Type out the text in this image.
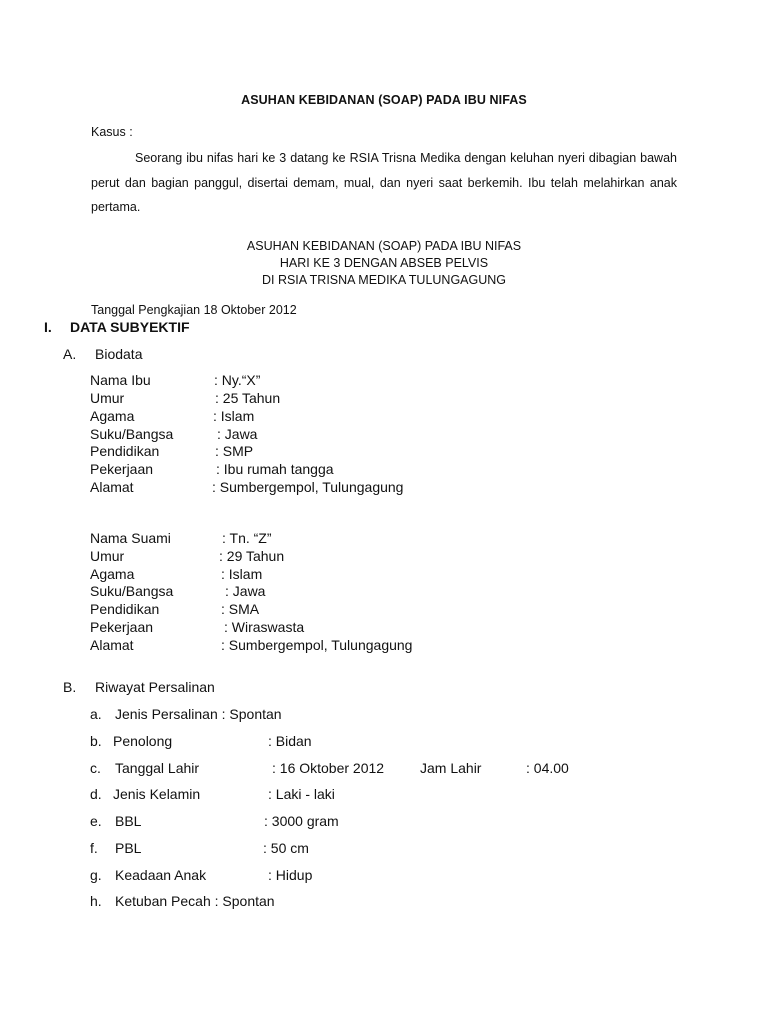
ASUHAN KEBIDANAN (SOAP) PADA IBU NIFAS
Kasus :
Seorang ibu nifas hari ke 3 datang ke RSIA Trisna Medika dengan keluhan nyeri dibagian bawah perut dan bagian panggul, disertai demam, mual, dan nyeri saat berkemih. Ibu telah melahirkan anak pertama.
ASUHAN KEBIDANAN (SOAP) PADA IBU NIFAS
HARI KE 3 DENGAN ABSEB PELVIS
DI RSIA TRISNA MEDIKA TULUNGAGUNG
Tanggal Pengkajian 18 Oktober 2012
I. DATA SUBYEKTIF
A. Biodata
Nama Ibu	: Ny.“X”
Umur	: 25 Tahun
Agama	: Islam
Suku/Bangsa	: Jawa
Pendidikan	: SMP
Pekerjaan	: Ibu rumah tangga
Alamat	: Sumbergempol, Tulungagung
Nama Suami	: Tn. “Z”
Umur	: 29 Tahun
Agama	: Islam
Suku/Bangsa	: Jawa
Pendidikan	: SMA
Pekerjaan	: Wiraswasta
Alamat	: Sumbergempol, Tulungagung
B. Riwayat Persalinan
a. Jenis Persalinan : Spontan
b. Penolong	: Bidan
c. Tanggal Lahir	: 16 Oktober 2012	Jam Lahir	: 04.00
d. Jenis Kelamin	: Laki - laki
e. BBL	: 3000 gram
f. PBL	: 50 cm
g. Keadaan Anak	: Hidup
h. Ketuban Pecah : Spontan
